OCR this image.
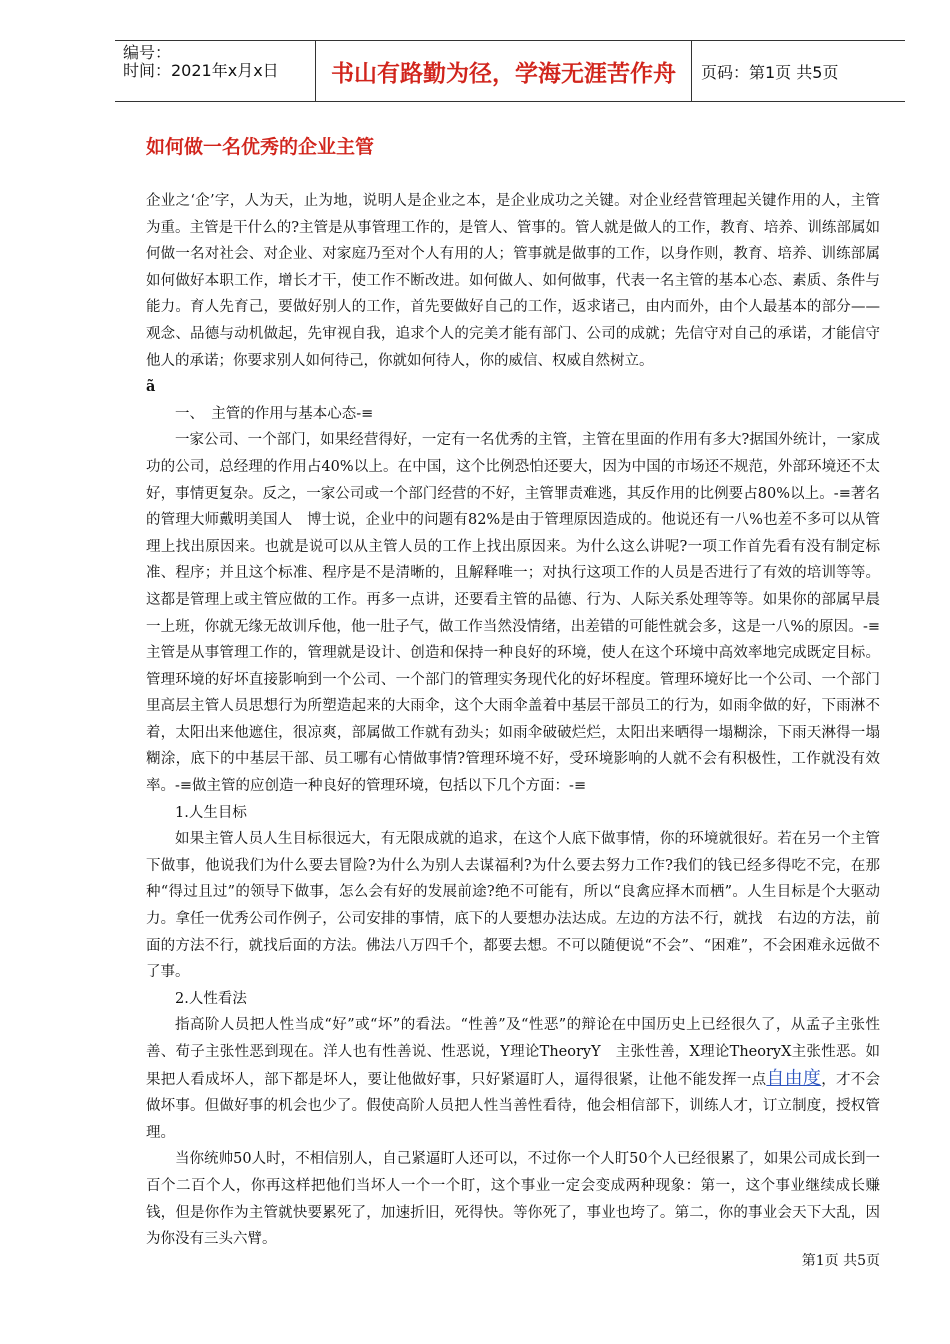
编号：
时间：2021年x月x日	书山有路勤为径，学海无涯苦作舟	页码：第1页 共5页
如何做一名优秀的企业主管

企业之‘企’字，人为天，止为地，说明人是企业之本，是企业成功之关键。对企业经营管理起关键作用的人，主管为重。主管是干什么的?主管是从事管理工作的，是管人、管事的。管人就是做人的工作，教育、培养、训练部属如何做一名对社会、对企业、对家庭乃至对个人有用的人；管事就是做事的工作，以身作则，教育、培养、训练部属如何做好本职工作，增长才干，使工作不断改进。如何做人、如何做事，代表一名主管的基本心态、素质、条件与能力。育人先育己，要做好别人的工作，首先要做好自己的工作，返求诸己，由内而外，由个人最基本的部分——观念、品德与动机做起，先审视自我，追求个人的完美才能有部门、公司的成就；先信守对自己的承诺，才能信守他人的承诺；你要求别人如何待己，你就如何待人，你的威信、权威自然树立。

ã

一、　主管的作用与基本心态-≡

一家公司、一个部门，如果经营得好，一定有一名优秀的主管，主管在里面的作用有多大?据国外统计，一家成功的公司，总经理的作用占40%以上。在中国，这个比例恐怕还要大，因为中国的市场还不规范，外部环境还不太好，事情更复杂。反之，一家公司或一个部门经营的不好，主管罪责难逃，其反作用的比例要占80%以上。-≡著名的管理大师戴明美国人　博士说，企业中的问题有82%是由于管理原因造成的。他说还有一八%也差不多可以从管理上找出原因来。也就是说可以从主管人员的工作上找出原因来。为什么这么讲呢?一项工作首先看有没有制定标准、程序；并且这个标准、程序是不是清晰的，且解释唯一；对执行这项工作的人员是否进行了有效的培训等等。这都是管理上或主管应做的工作。再多一点讲，还要看主管的品德、行为、人际关系处理等等。如果你的部属早晨一上班，你就无缘无故训斥他，他一肚子气，做工作当然没情绪，出差错的可能性就会多，这是一八%的原因。-≡　主管是从事管理工作的，管理就是设计、创造和保持一种良好的环境，使人在这个环境中高效率地完成既定目标。管理环境的好坏直接影响到一个公司、一个部门的管理实务现代化的好坏程度。管理环境好比一个公司、一个部门里高层主管人员思想行为所塑造起来的大雨伞，这个大雨伞盖着中基层干部员工的行为，如雨伞做的好，下雨淋不着，太阳出来他遮住，很凉爽，部属做工作就有劲头；如雨伞破破烂烂，太阳出来晒得一塌糊涂，下雨天淋得一塌糊涂，底下的中基层干部、员工哪有心情做事情?管理环境不好，受环境影响的人就不会有积极性，工作就没有效率。-≡做主管的应创造一种良好的管理环境，包括以下几个方面：-≡

1.人生目标

如果主管人员人生目标很远大，有无限成就的追求，在这个人底下做事情，你的环境就很好。若在另一个主管下做事，他说我们为什么要去冒险?为什么为别人去谋福利?为什么要去努力工作?我们的钱已经多得吃不完，在那种“得过且过”的领导下做事，怎么会有好的发展前途?绝不可能有，所以“良禽应择木而栖”。人生目标是个大驱动力。拿任一优秀公司作例子，公司安排的事情，底下的人要想办法达成。左边的方法不行，就找　右边的方法，前面的方法不行，就找后面的方法。佛法八万四千个，都要去想。不可以随便说“不会”、“困难”，不会困难永远做不了事。

2.人性看法

指高阶人员把人性当成“好”或“坏”的看法。“性善”及“性恶”的辩论在中国历史上已经很久了，从孟子主张性善、荀子主张性恶到现在。洋人也有性善说、性恶说，Y理论TheoryY　主张性善，X理论TheoryX主张性恶。如果把人看成坏人，部下都是坏人，要让他做好事，只好紧逼盯人，逼得很紧，让他不能发挥一点自由度，才不会做坏事。但做好事的机会也少了。假使高阶人员把人性当善性看待，他会相信部下，训练人才，订立制度，授权管理。

当你统帅50人时，不相信别人，自己紧逼盯人还可以，不过你一个人盯50个人已经很累了，如果公司成长到一百个二百个人，你再这样把他们当坏人一个一个盯，这个事业一定会变成两种现象：第一，这个事业继续成长赚钱，但是你作为主管就快要累死了，加速折旧，死得快。等你死了，事业也垮了。第二，你的事业会天下大乱，因为你没有三头六臂。

第1页 共5页
